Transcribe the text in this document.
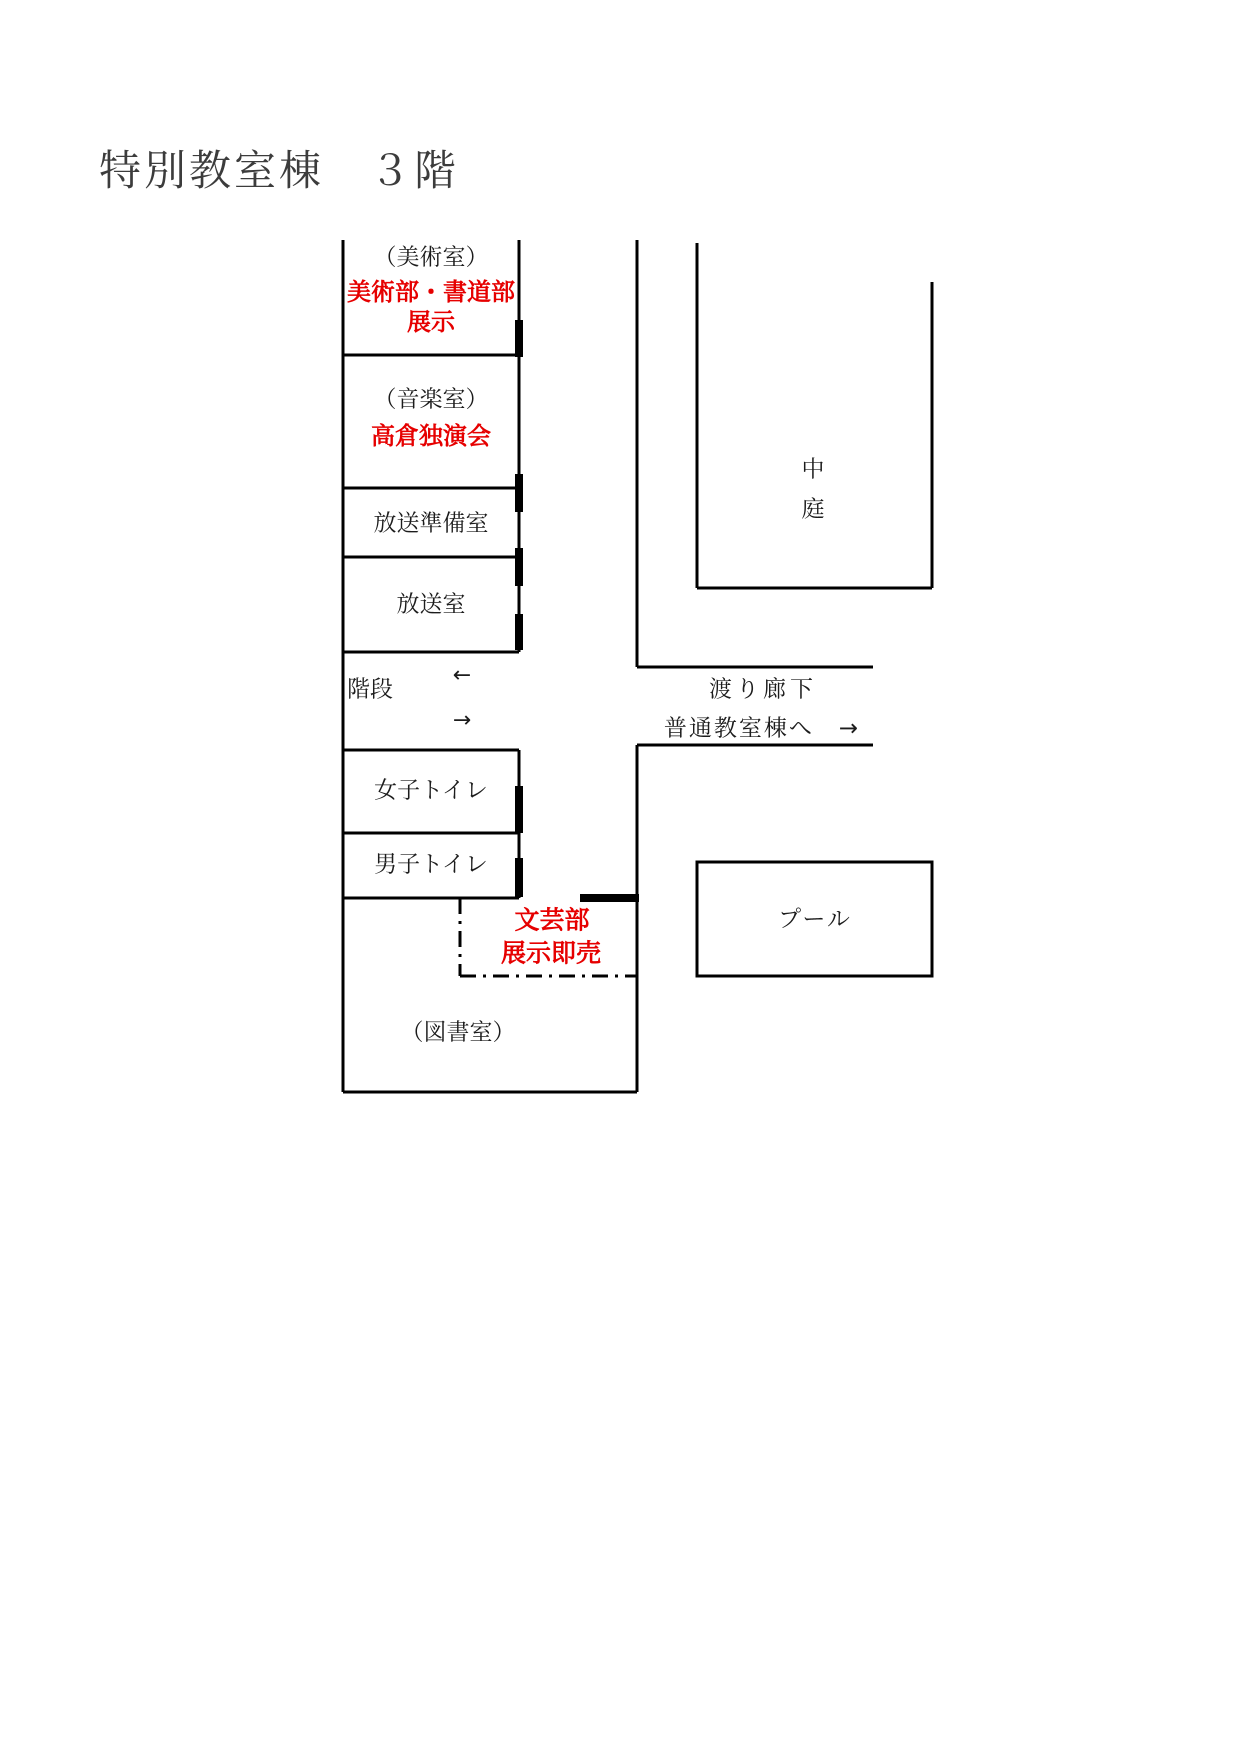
特別教室棟　３階
（美術室）
美術部・書道部
展示
（音楽室）
高倉独演会
放送準備室
放送室
階段
←
→
女子トイレ
男子トイレ
文芸部
展示即売
（図書室）
中
庭
渡り廊下
普通教室棟へ　→
プール
